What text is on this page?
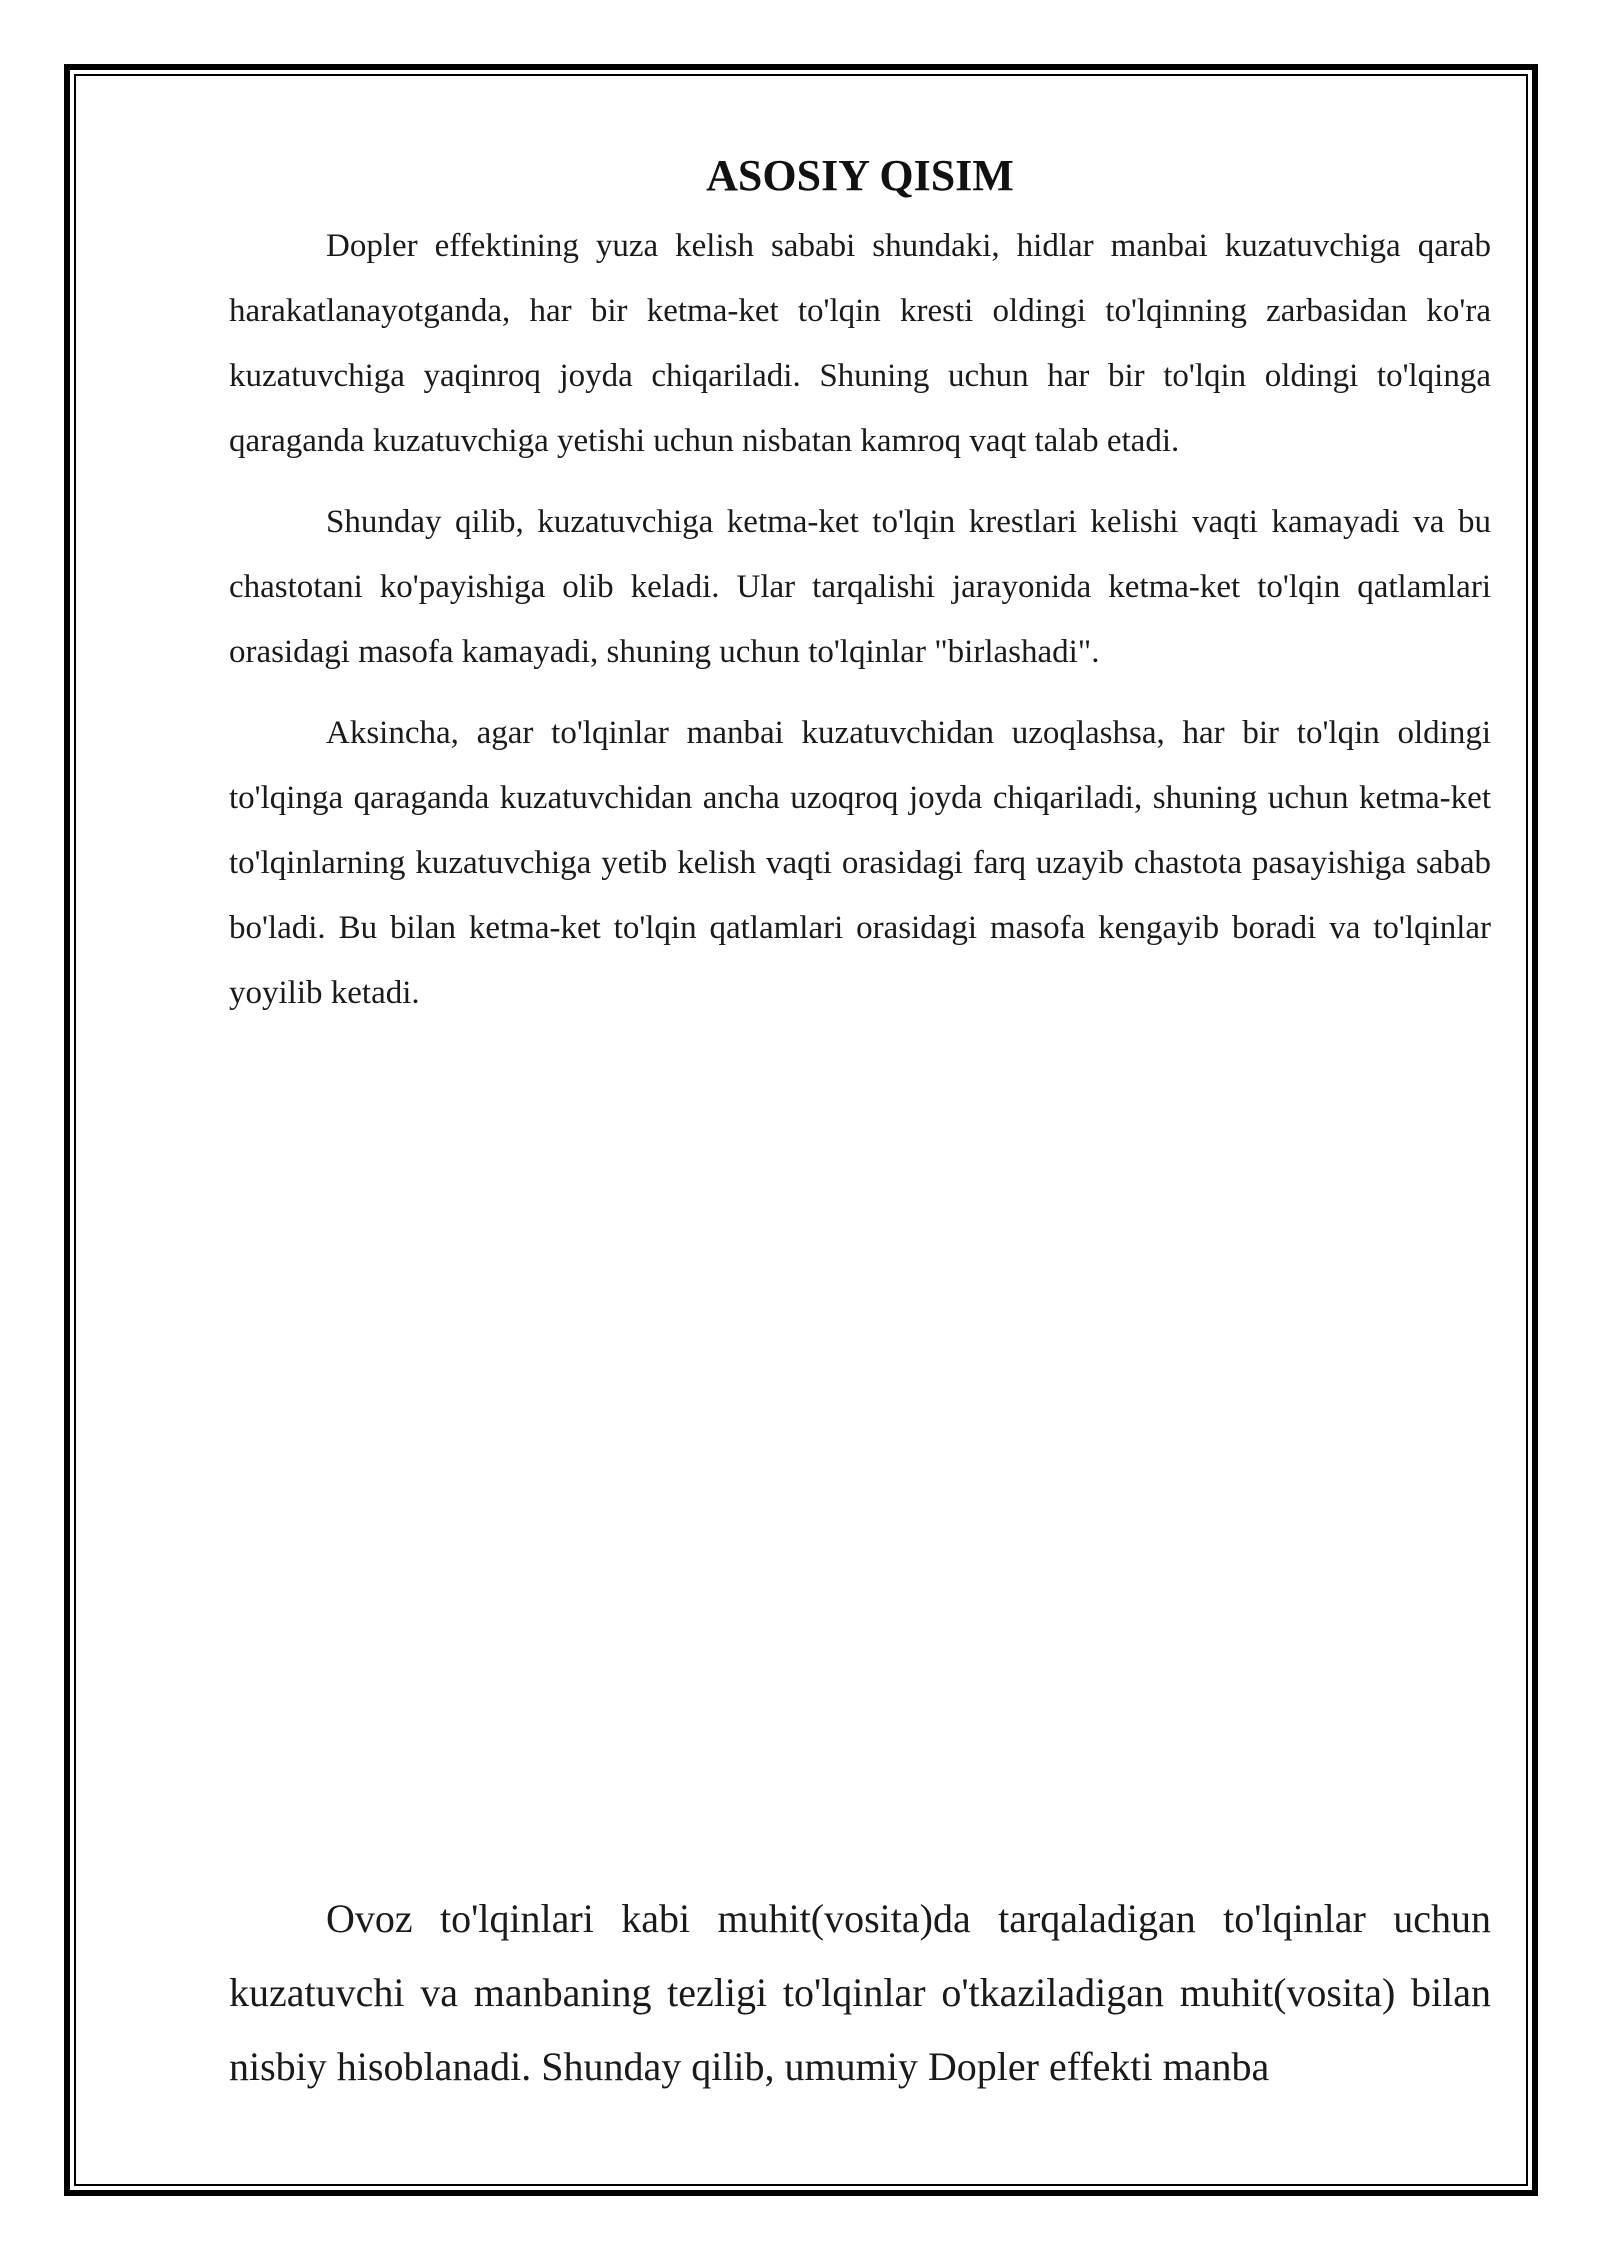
ASOSIY QISIM

Dopler effektining yuza kelish sababi shundaki, hidlar manbai kuzatuvchiga qarab harakatlanayotganda, har bir ketma-ket to'lqin kresti oldingi to'lqinning zarbasidan ko'ra kuzatuvchiga yaqinroq joyda chiqariladi. Shuning uchun har bir to'lqin oldingi to'lqinga qaraganda kuzatuvchiga yetishi uchun nisbatan kamroq vaqt talab etadi.

Shunday qilib, kuzatuvchiga ketma-ket to'lqin krestlari kelishi vaqti kamayadi va bu chastotani ko'payishiga olib keladi. Ular tarqalishi jarayonida ketma-ket to'lqin qatlamlari orasidagi masofa kamayadi, shuning uchun to'lqinlar "birlashadi".

Aksincha, agar to'lqinlar manbai kuzatuvchidan uzoqlashsa, har bir to'lqin oldingi to'lqinga qaraganda kuzatuvchidan ancha uzoqroq joyda chiqariladi, shuning uchun ketma-ket to'lqinlarning kuzatuvchiga yetib kelish vaqti orasidagi farq uzayib chastota pasayishiga sabab bo'ladi. Bu bilan ketma-ket to'lqin qatlamlari orasidagi masofa kengayib boradi va to'lqinlar yoyilib ketadi.

Ovoz to'lqinlari kabi muhit(vosita)da tarqaladigan to'lqinlar uchun kuzatuvchi va manbaning tezligi to'lqinlar o'tkaziladigan muhit(vosita) bilan nisbiy hisoblanadi. Shunday qilib, umumiy Dopler effekti manba
